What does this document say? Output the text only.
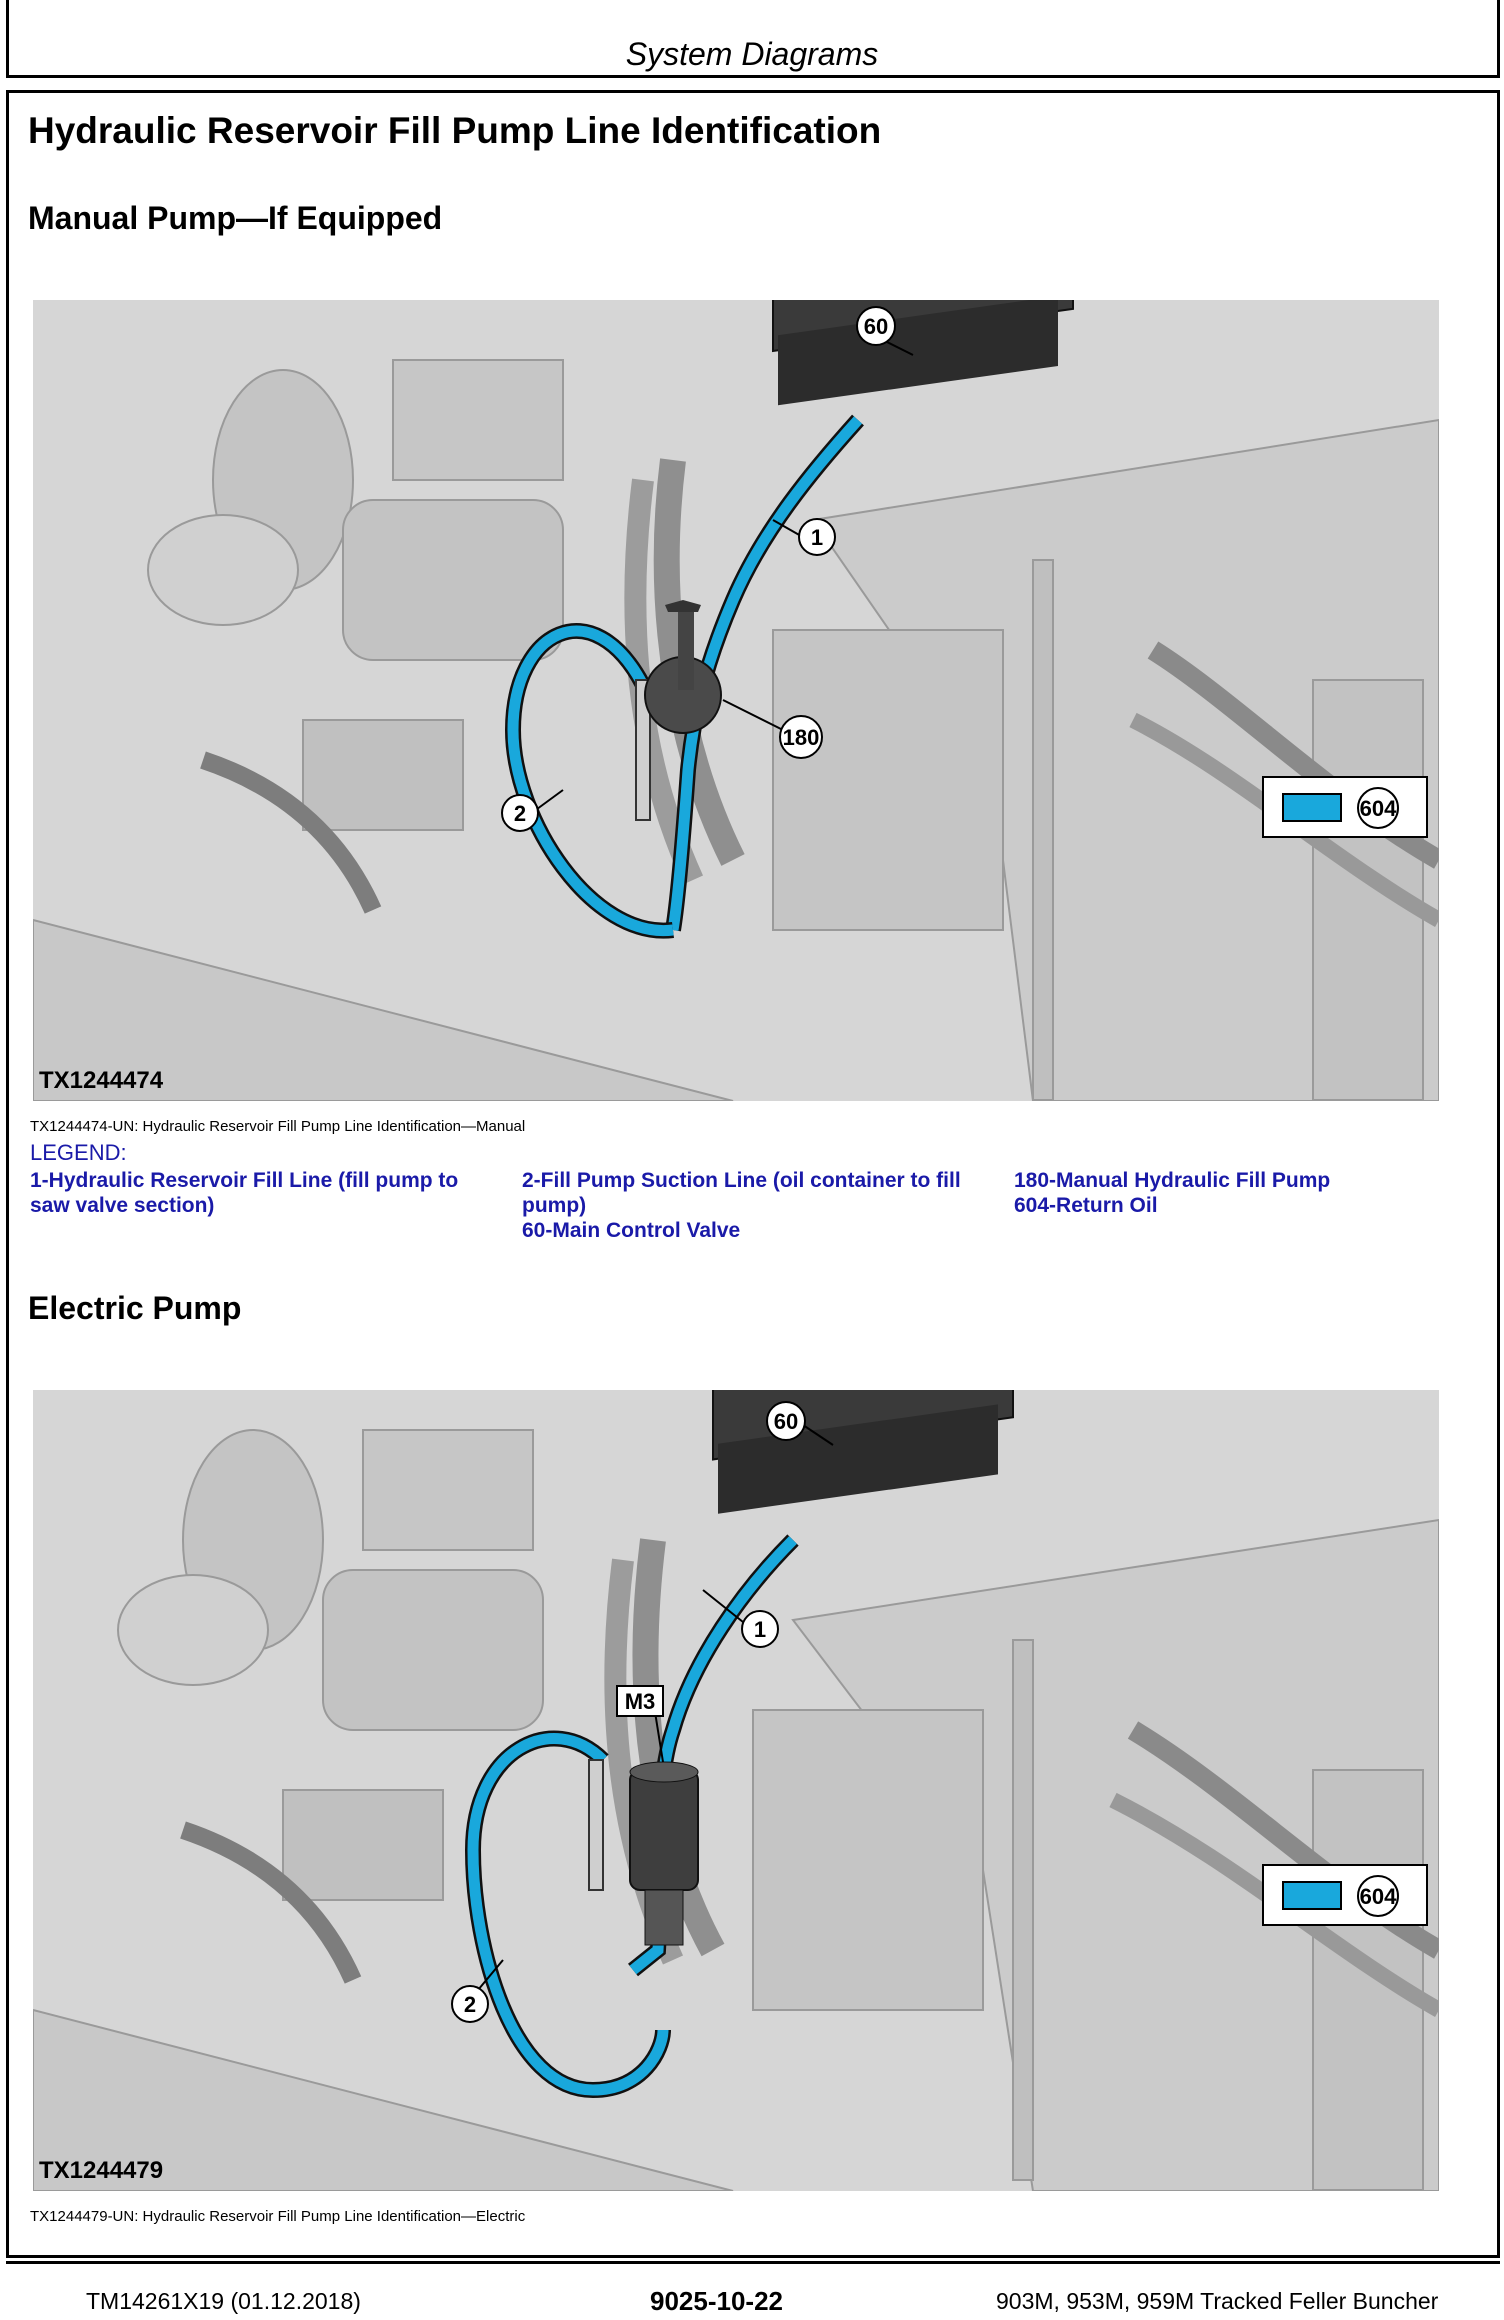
System Diagrams
Hydraulic Reservoir Fill Pump Line Identification
Manual Pump—If Equipped
60
1
180
2	604
TX1244474
TX1244474-UN: Hydraulic Reservoir Fill Pump Line Identification—Manual
LEGEND:
1-Hydraulic Reservoir Fill Line (fill pump to
saw valve section)
2-Fill Pump Suction Line (oil container to fill
pump)
60-Main Control Valve
180-Manual Hydraulic Fill Pump
604-Return Oil
Electric Pump
60
1
M3
2
604
TX1244479
TX1244479-UN: Hydraulic Reservoir Fill Pump Line Identification—Electric
TM14261X19 (01.12.2018)	9025-10-22	903M, 953M, 959M Tracked Feller Buncher
